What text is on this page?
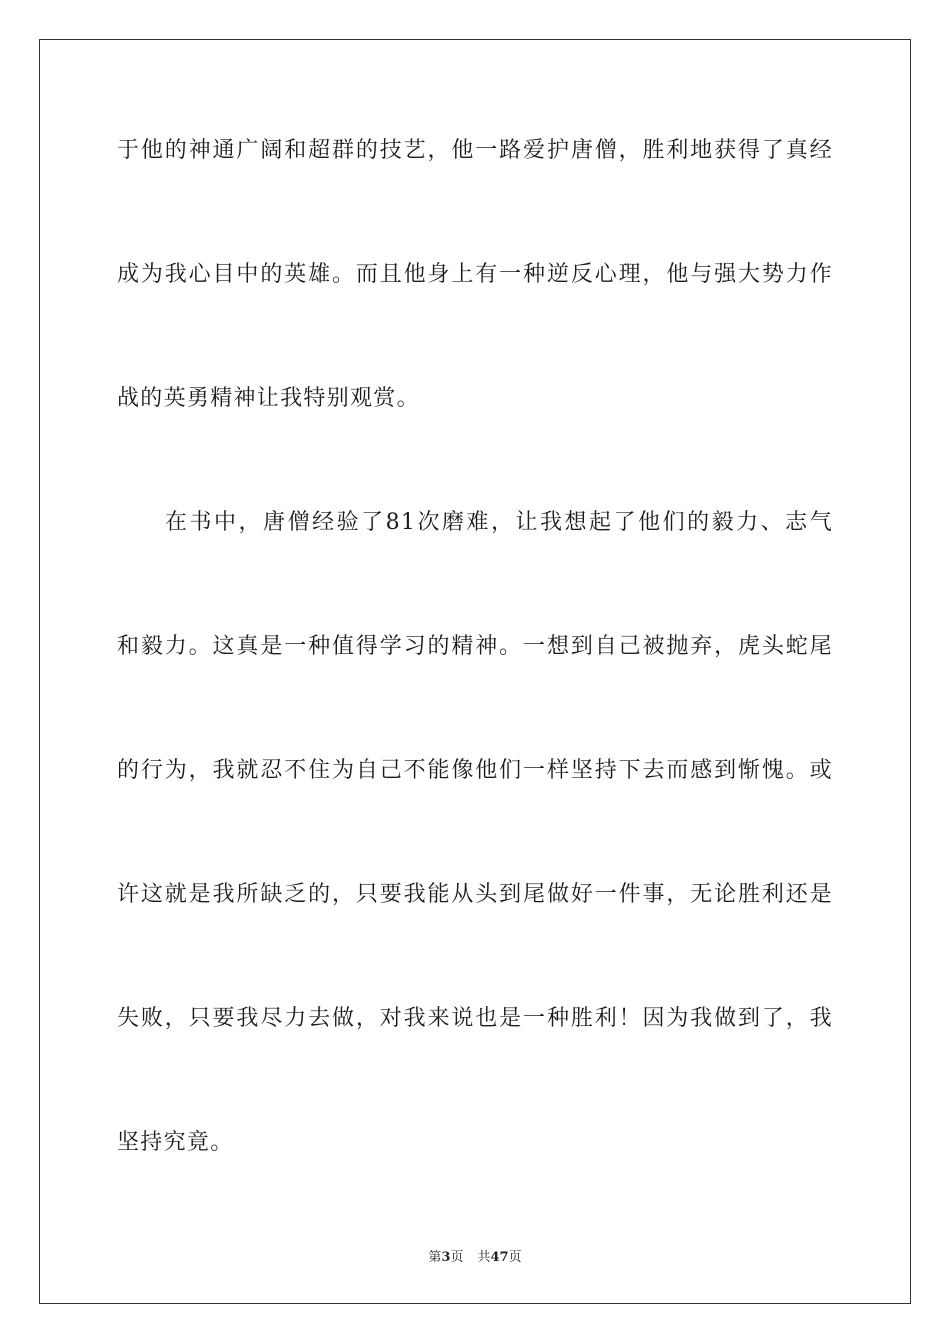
于他的神通广阔和超群的技艺，他一路爱护唐僧，胜利地获得了真经

成为我心目中的英雄。而且他身上有一种逆反心理，他与强大势力作

战的英勇精神让我特别观赏。

在书中，唐僧经验了81次磨难，让我想起了他们的毅力、志气

和毅力。这真是一种值得学习的精神。一想到自己被抛弃，虎头蛇尾

的行为，我就忍不住为自己不能像他们一样坚持下去而感到惭愧。或

许这就是我所缺乏的，只要我能从头到尾做好一件事，无论胜利还是

失败，只要我尽力去做，对我来说也是一种胜利！因为我做到了，我

坚持究竟。

第3页 共47页
